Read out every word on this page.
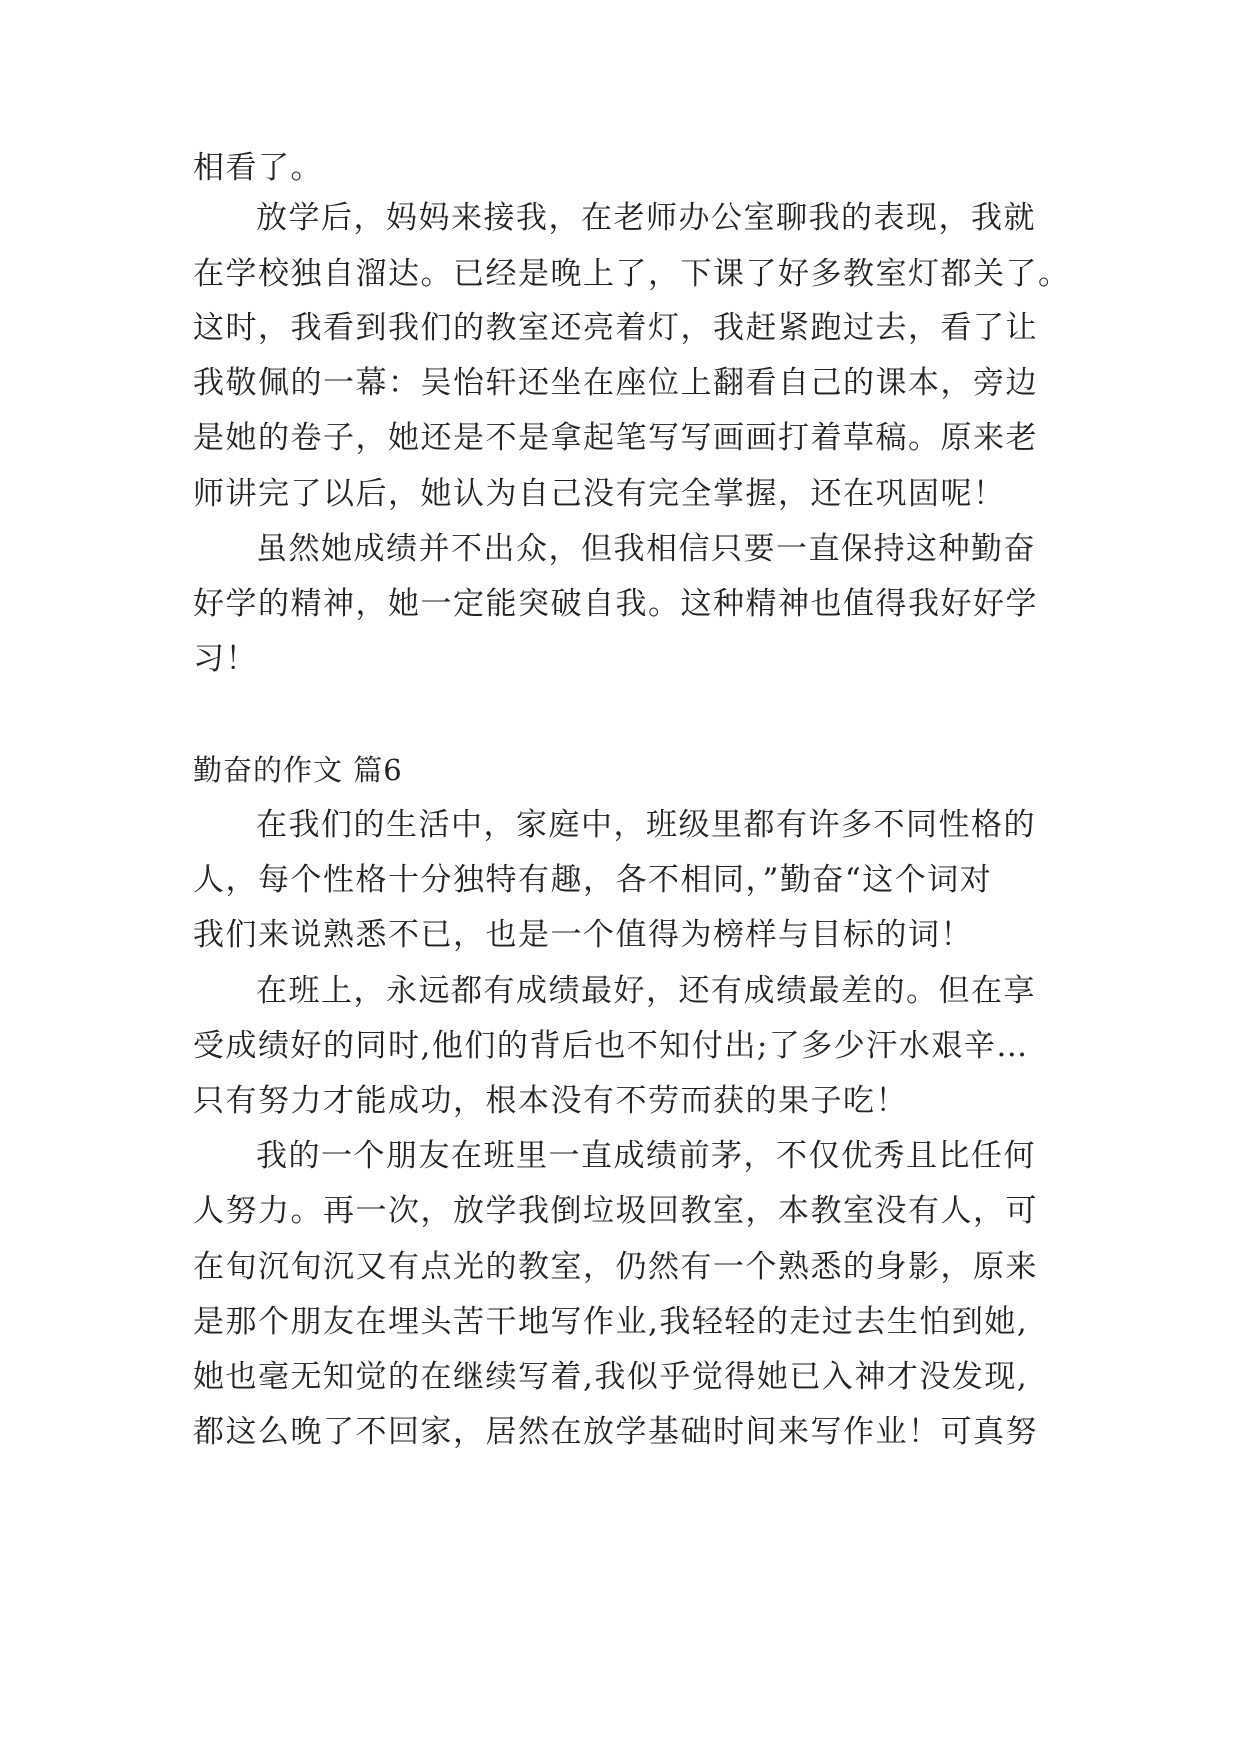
相看了。
放学后，妈妈来接我，在老师办公室聊我的表现，我就
在学校独自溜达。已经是晚上了，下课了好多教室灯都关了。
这时，我看到我们的教室还亮着灯，我赶紧跑过去，看了让
我敬佩的一幕：吴怡轩还坐在座位上翻看自己的课本，旁边
是她的卷子，她还是不是拿起笔写写画画打着草稿。原来老
师讲完了以后，她认为自己没有完全掌握，还在巩固呢！
虽然她成绩并不出众，但我相信只要一直保持这种勤奋
好学的精神，她一定能突破自我。这种精神也值得我好好学
习！
勤奋的作文 篇6
在我们的生活中，家庭中，班级里都有许多不同性格的
人，每个性格十分独特有趣，各不相同，”勤奋“这个词对
我们来说熟悉不已，也是一个值得为榜样与目标的词！
在班上，永远都有成绩最好，还有成绩最差的。但在享
受成绩好的同时,他们的背后也不知付出;了多少汗水艰辛…
只有努力才能成功，根本没有不劳而获的果子吃！
我的一个朋友在班里一直成绩前茅，不仅优秀且比任何
人努力。再一次，放学我倒垃圾回教室，本教室没有人，可
在旬沉旬沉又有点光的教室，仍然有一个熟悉的身影，原来
是那个朋友在埋头苦干地写作业,我轻轻的走过去生怕到她,
她也毫无知觉的在继续写着,我似乎觉得她已入神才没发现,
都这么晚了不回家，居然在放学基础时间来写作业！可真努
